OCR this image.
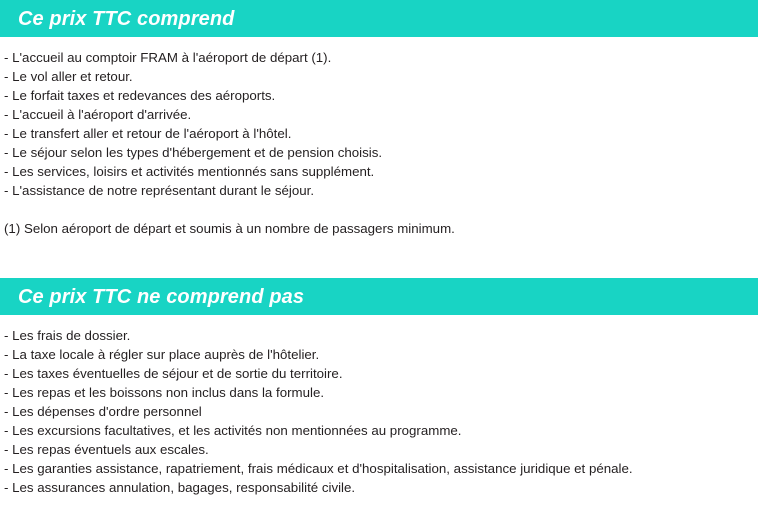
Ce prix TTC comprend
- L'accueil au comptoir FRAM à l'aéroport de départ (1).
- Le vol aller et retour.
- Le forfait taxes et redevances des aéroports.
- L'accueil à l'aéroport d'arrivée.
- Le transfert aller et retour de l'aéroport à l'hôtel.
- Le séjour selon les types d'hébergement et de pension choisis.
- Les services, loisirs et activités mentionnés sans supplément.
- L'assistance de notre représentant durant le séjour.
(1) Selon aéroport de départ et soumis à un nombre de passagers minimum.
Ce prix TTC ne comprend pas
- Les frais de dossier.
- La taxe locale à régler sur place auprès de l'hôtelier.
- Les taxes éventuelles de séjour et de sortie du territoire.
- Les repas et les boissons non inclus dans la formule.
- Les dépenses d'ordre personnel
- Les excursions facultatives, et les activités non mentionnées au programme.
- Les repas éventuels aux escales.
- Les garanties assistance, rapatriement, frais médicaux et d'hospitalisation, assistance juridique et pénale.
- Les assurances annulation, bagages, responsabilité civile.
